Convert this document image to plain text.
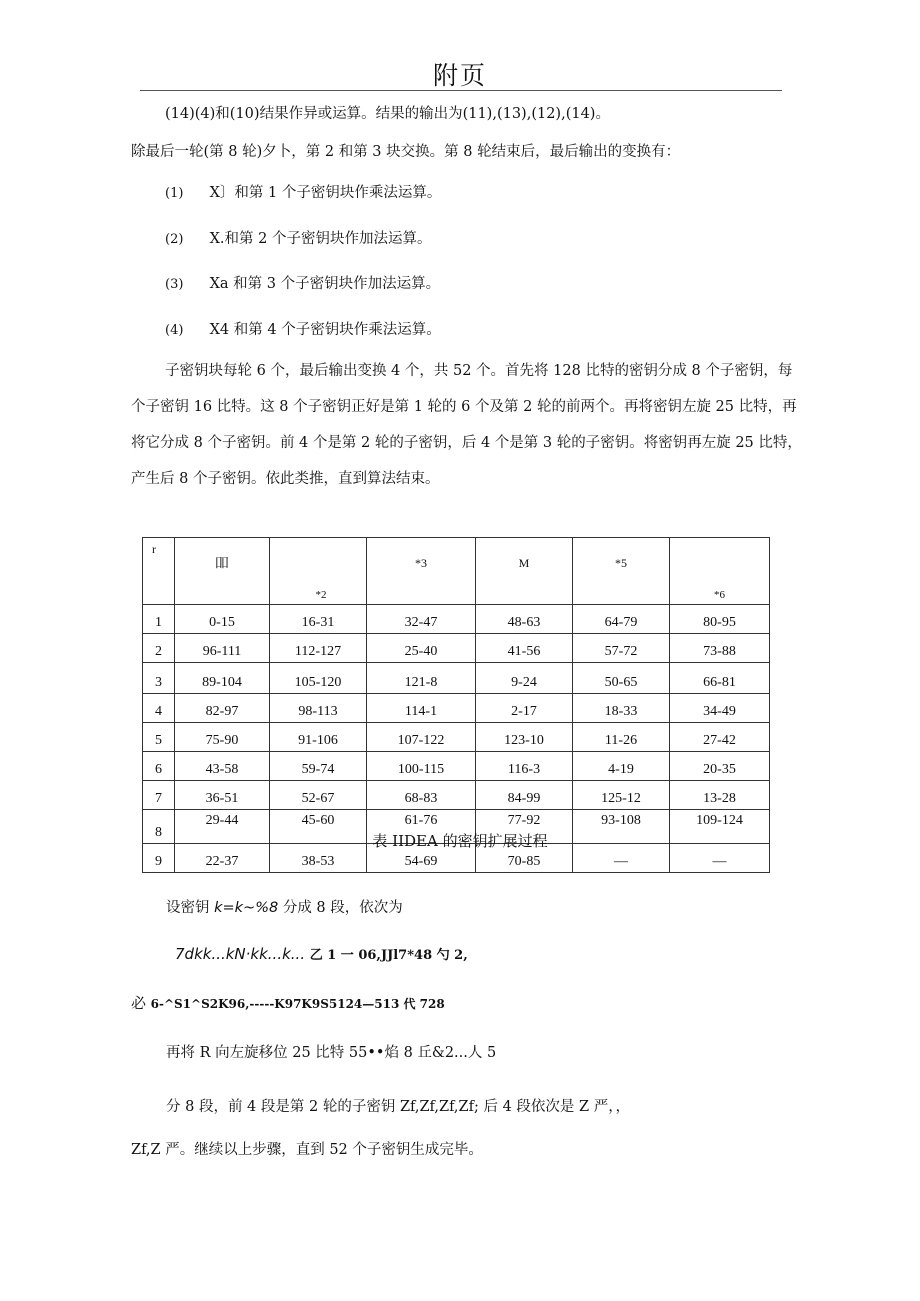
附页
(14)(4)和(10)结果作异或运算。结果的输出为(11),(13),(12),(14)。
除最后一轮(第 8 轮)夕卜，第 2 和第 3 块交换。第 8 轮结束后，最后输出的变换有：
(1) X〕和第 1 个子密钥块作乘法运算。
(2) X.和第 2 个子密钥块作加法运算。
(3) Xa 和第 3 个子密钥块作加法运算。
(4) X4 和第 4 个子密钥块作乘法运算。
子密钥块每轮 6 个，最后输出变换 4 个，共 52 个。首先将 128 比特的密钥分成 8 个子密钥，每
个子密钥 16 比特。这 8 个子密钥正好是第 1 轮的 6 个及第 2 轮的前两个。再将密钥左旋 25 比特，再
将它分成 8 个子密钥。前 4 个是第 2 轮的子密钥，后 4 个是第 3 轮的子密钥。将密钥再左旋 25 比特，
产生后 8 个子密钥。依此类推，直到算法结束。
r	吅	*2	*3	M	*5	*6
1	0-15	16-31	32-47	48-63	64-79	80-95
2	96-111	112-127	25-40	41-56	57-72	73-88
3	89-104	105-120	121-8	9-24	50-65	66-81
4	82-97	98-113	114-1	2-17	18-33	34-49
5	75-90	91-106	107-122	123-10	11-26	27-42
6	43-58	59-74	100-115	116-3	4-19	20-35
7	36-51	52-67	68-83	84-99	125-12	13-28
8	29-44	45-60	61-76	77-92	93-108	109-124
9	22-37	38-53	54-69	70-85	—	—
表 IIDEA 的密钥扩展过程
设密钥 k=k~%8 分成 8 段，依次为
7dkk...kN·kk...k... 乙 1 一 06,JJl7*48 勺 2,
必 6-^S1^S2K96,-----K97K9S5124—513 代 728
再将 R 向左旋移位 25 比特 55••焰 8 丘&2...人 5
分 8 段，前 4 段是第 2 轮的子密钥 Zf,Zf,Zf,Zf; 后 4 段依次是 Z 严，，
Zf,Z 严。继续以上步骤，直到 52 个子密钥生成完毕。
